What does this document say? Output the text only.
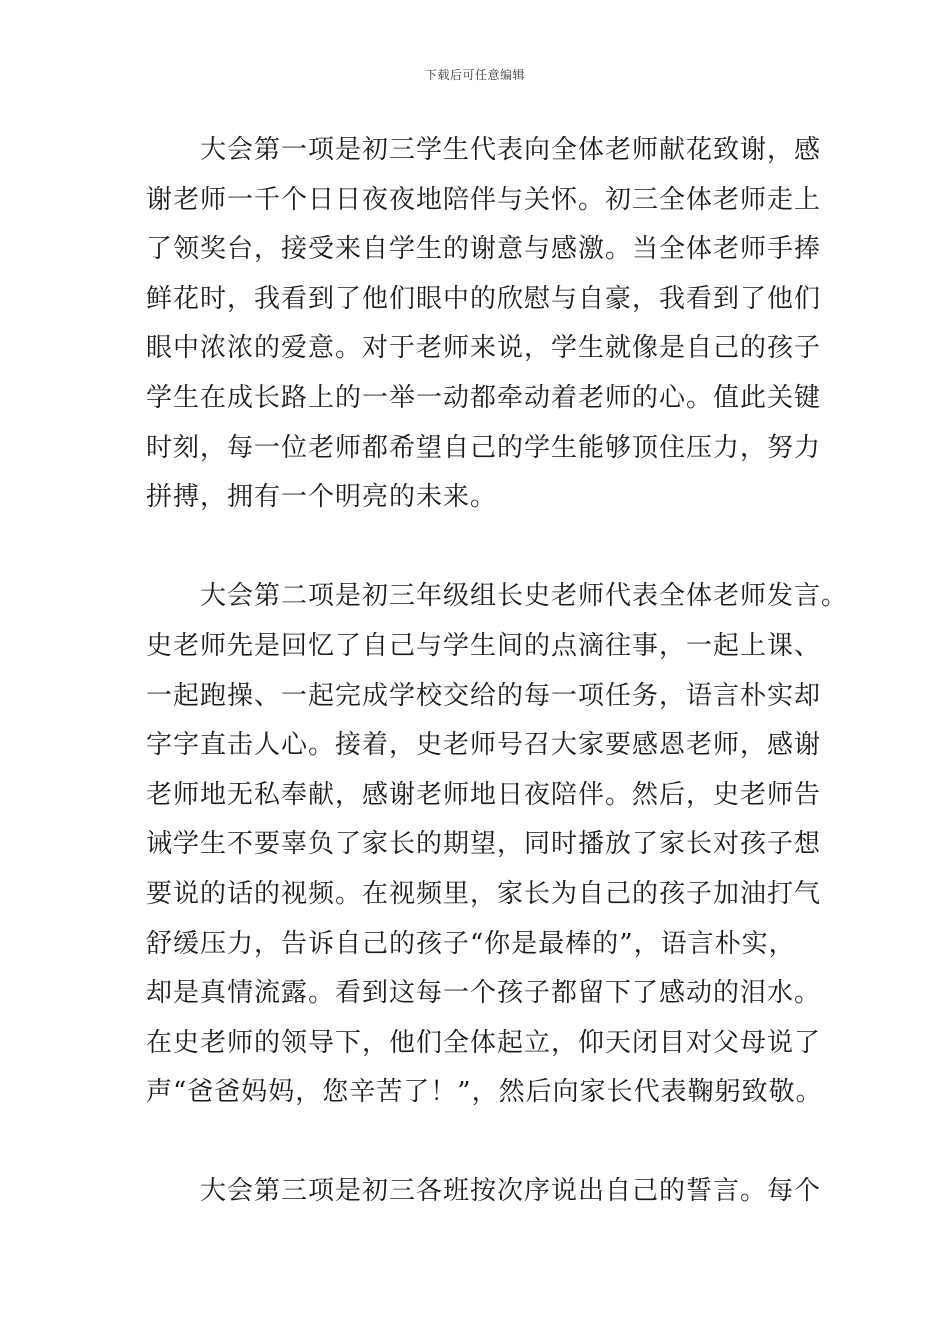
下载后可任意编辑
　　大会第一项是初三学生代表向全体老师献花致谢，感
谢老师一千个日日夜夜地陪伴与关怀。初三全体老师走上
了领奖台，接受来自学生的谢意与感激。当全体老师手捧
鲜花时，我看到了他们眼中的欣慰与自豪，我看到了他们
眼中浓浓的爱意。对于老师来说，学生就像是自己的孩子
学生在成长路上的一举一动都牵动着老师的心。值此关键
时刻，每一位老师都希望自己的学生能够顶住压力，努力
拼搏，拥有一个明亮的未来。
　　大会第二项是初三年级组长史老师代表全体老师发言。
史老师先是回忆了自己与学生间的点滴往事，一起上课、
一起跑操、一起完成学校交给的每一项任务，语言朴实却
字字直击人心。接着，史老师号召大家要感恩老师，感谢
老师地无私奉献，感谢老师地日夜陪伴。然后，史老师告
诫学生不要辜负了家长的期望，同时播放了家长对孩子想
要说的话的视频。在视频里，家长为自己的孩子加油打气
舒缓压力，告诉自己的孩子“你是最棒的”，语言朴实，
却是真情流露。看到这每一个孩子都留下了感动的泪水。
在史老师的领导下，他们全体起立，仰天闭目对父母说了
声“爸爸妈妈，您辛苦了！”，然后向家长代表鞠躬致敬。
　　大会第三项是初三各班按次序说出自己的誓言。每个
